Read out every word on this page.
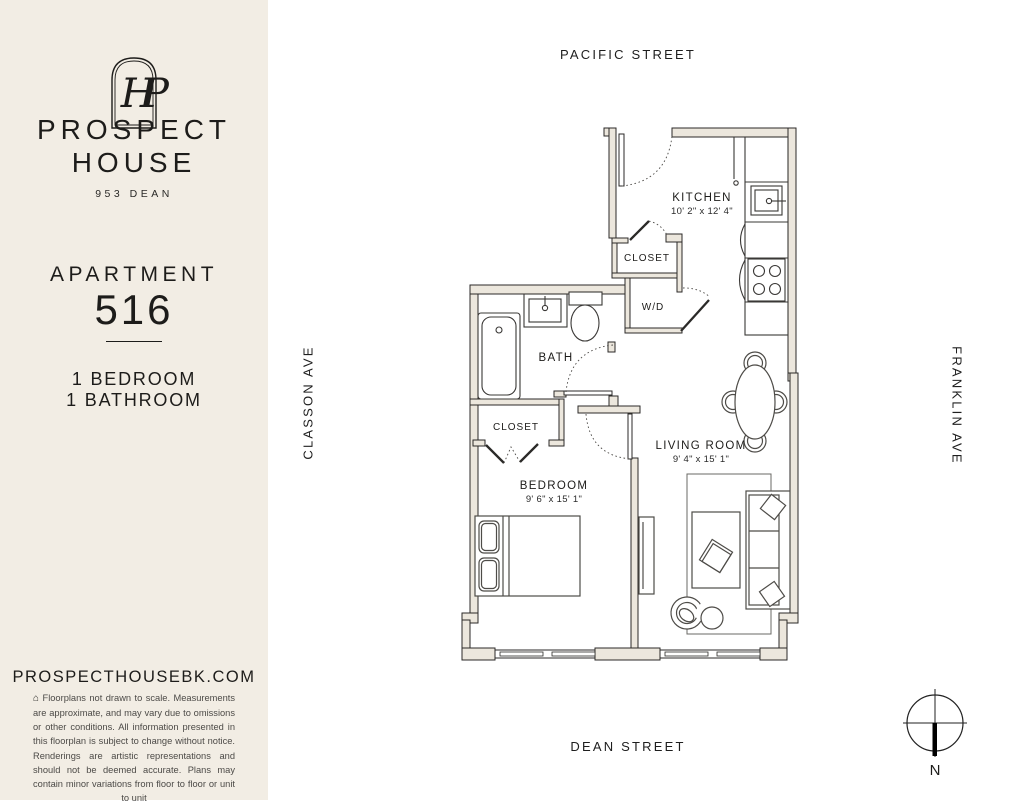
HP
PROSPECT
HOUSE
953 DEAN
APARTMENT
516
1 BEDROOM
1 BATHROOM
PROSPECTHOUSEBK.COM
⌂ Floorplans not drawn to scale. Measurements are approximate, and may vary due to omissions or other conditions. All information presented in this floorplan is subject to change without notice. Renderings are artistic representations and should not be deemed accurate. Plans may contain minor variations from floor to floor or unit to unit
PACIFIC STREET
DEAN STREET
CLASSON AVE	FRANKLIN AVE
KITCHEN
10' 2" x 12' 4"
CLOSET
W/D
BATH
CLOSET
BEDROOM
9' 6" x 15' 1"
LIVING ROOM
9' 4" x 15' 1"
N
